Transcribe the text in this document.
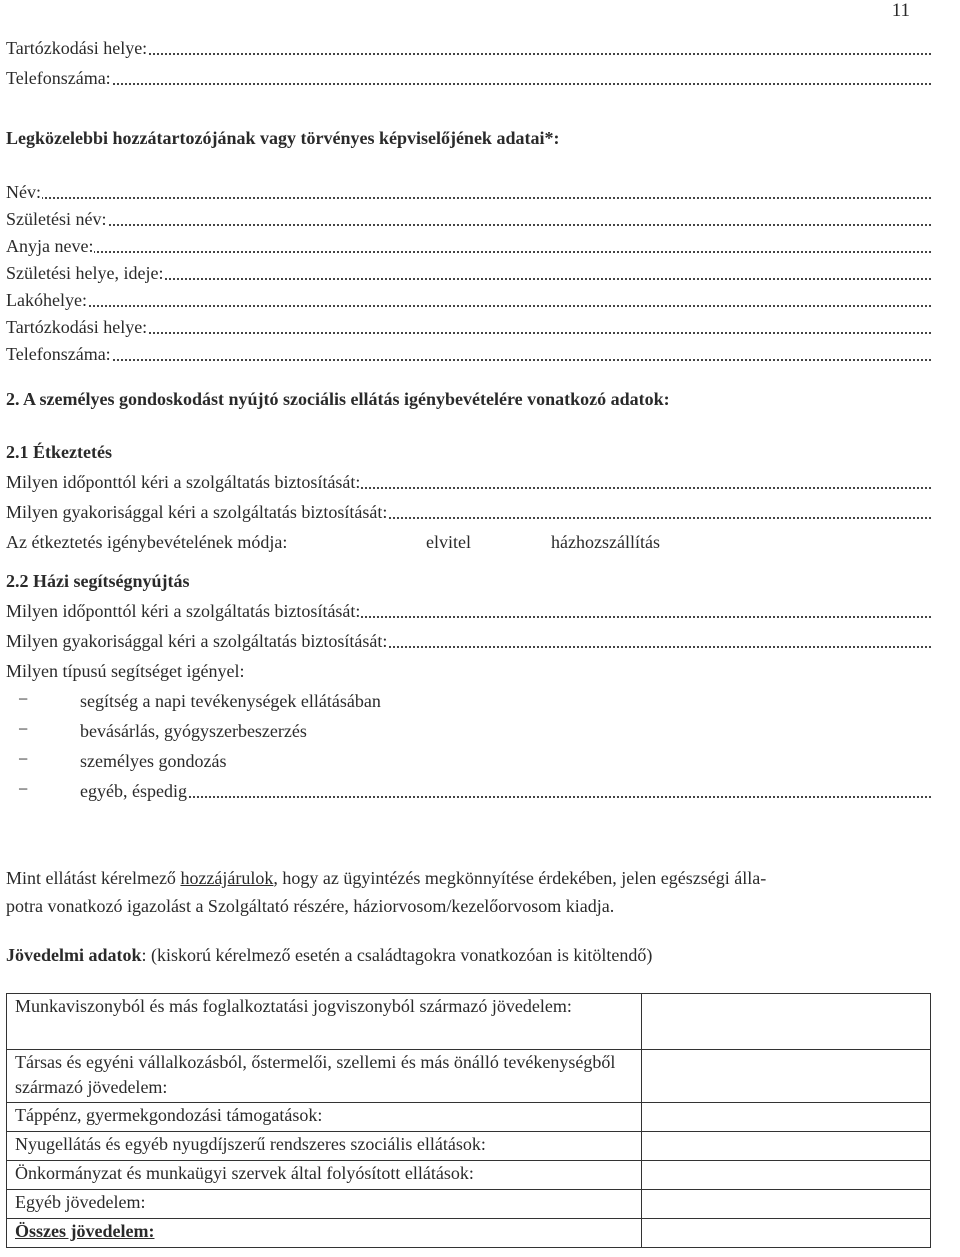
11
Tartózkodási helye:
Telefonszáma:
Legközelebbi hozzátartozójának vagy törvényes képviselőjének adatai*:
Név:
Születési név:
Anyja neve:
Születési helye, ideje:
Lakóhelye:
Tartózkodási helye:
Telefonszáma:
2. A személyes gondoskodást nyújtó szociális ellátás igénybevételére vonatkozó adatok:
2.1 Étkeztetés
Milyen időponttól kéri a szolgáltatás biztosítását:
Milyen gyakorisággal kéri a szolgáltatás biztosítását:
Az étkeztetés igénybevételének módja:	elvitel	házhozszállítás
2.2 Házi segítségnyújtás
Milyen időponttól kéri a szolgáltatás biztosítását:
Milyen gyakorisággal kéri a szolgáltatás biztosítását:
Milyen típusú segítséget igényel:
−	segítség a napi tevékenységek ellátásában
−	bevásárlás, gyógyszerbeszerzés
−	személyes gondozás
−	egyéb, éspedig
Mint ellátást kérelmező hozzájárulok, hogy az ügyintézés megkönnyítése érdekében, jelen egészségi álla-
potra vonatkozó igazolást a Szolgáltató részére, háziorvosom/kezelőorvosom kiadja.
Jövedelmi adatok: (kiskorú kérelmező esetén a családtagokra vonatkozóan is kitöltendő)
Munkaviszonyból és más foglalkoztatási jogviszonyból származó jövedelem:	
Társas és egyéni vállalkozásból, őstermelői, szellemi és más önálló tevékenységből származó jövedelem:	
Táppénz, gyermekgondozási támogatások:	
Nyugellátás és egyéb nyugdíjszerű rendszeres szociális ellátások:	
Önkormányzat és munkaügyi szervek által folyósított ellátások:	
Egyéb jövedelem:	
Összes jövedelem:	
